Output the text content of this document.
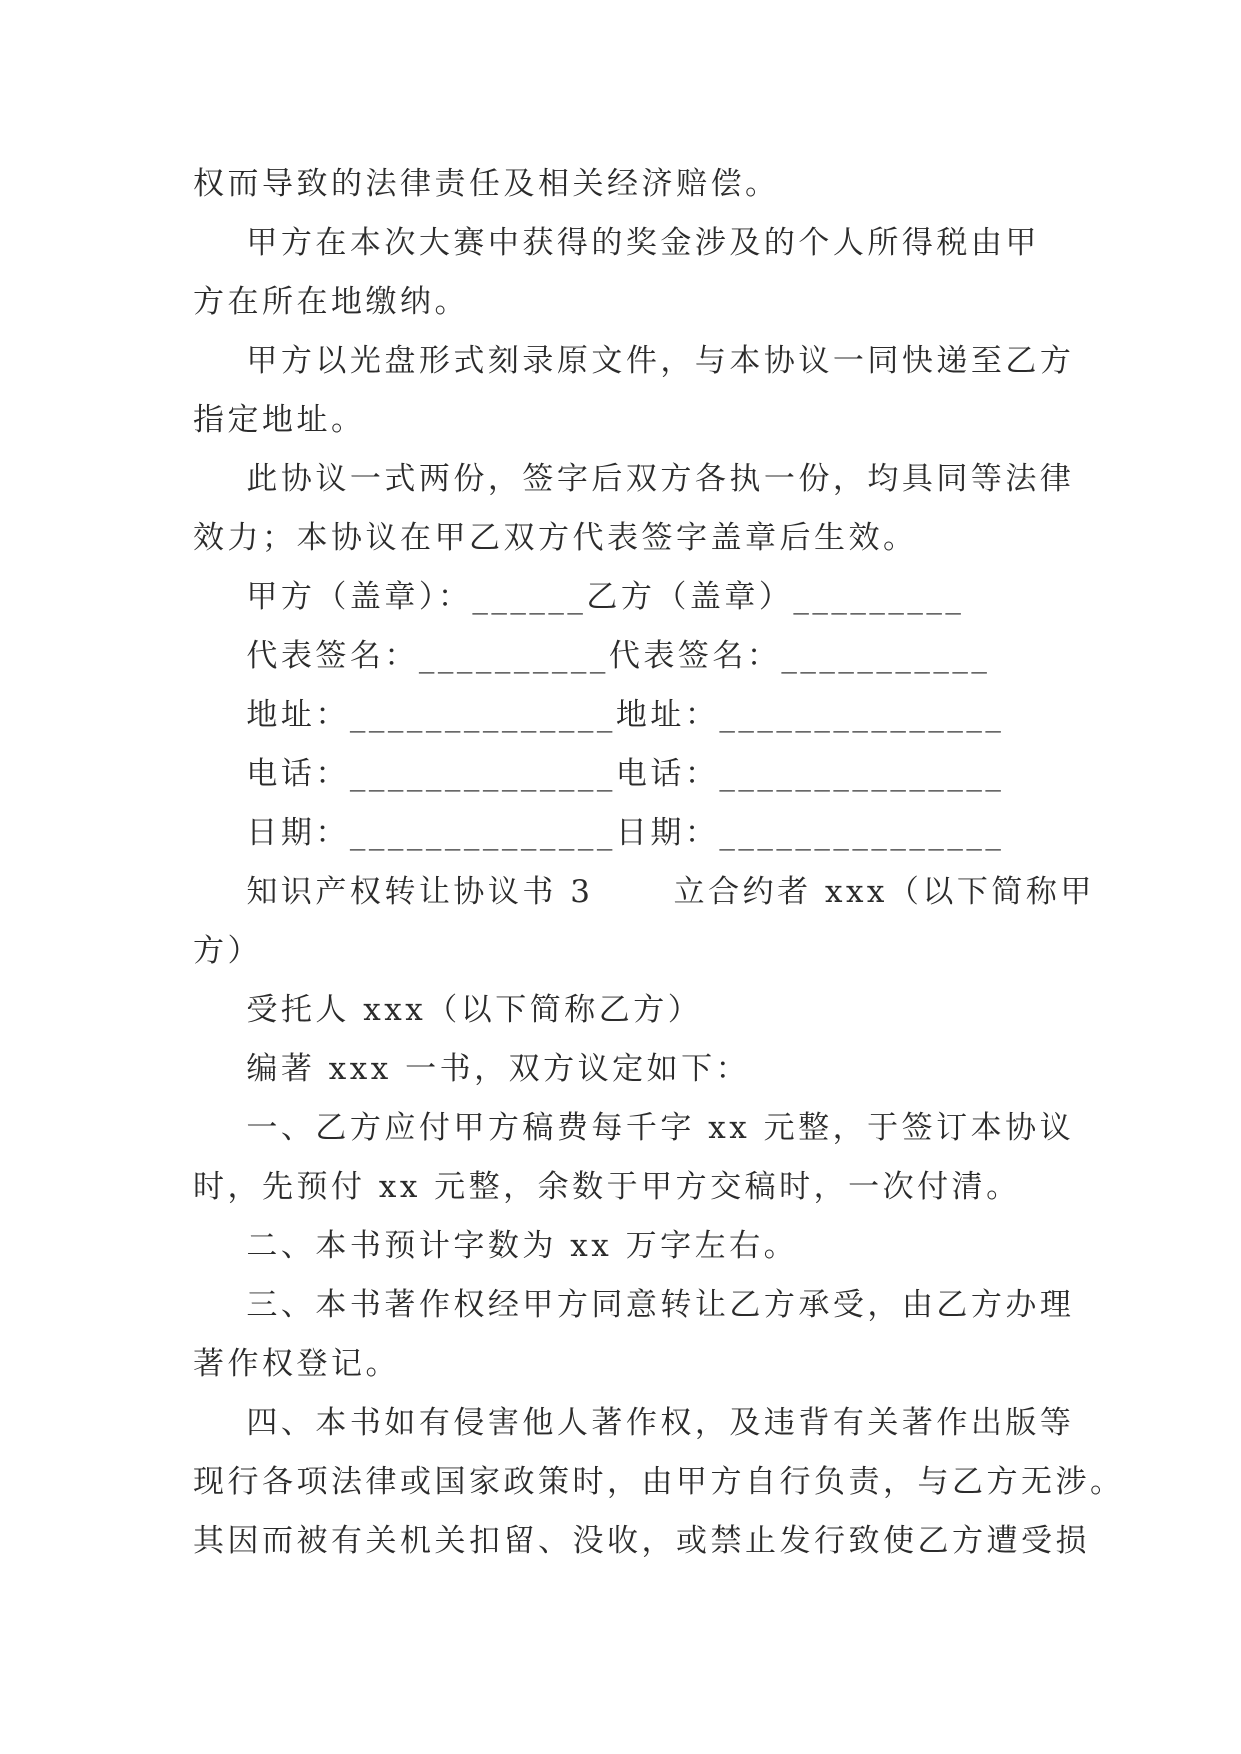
权而导致的法律责任及相关经济赔偿。
甲方在本次大赛中获得的奖金涉及的个人所得税由甲
方在所在地缴纳。
甲方以光盘形式刻录原文件，与本协议一同快递至乙方
指定地址。
此协议一式两份，签字后双方各执一份，均具同等法律
效力；本协议在甲乙双方代表签字盖章后生效。
甲方（盖章）：______乙方（盖章）_________
代表签名：__________代表签名：___________
地址：______________地址：_______________
电话：______________电话：_______________
日期：______________日期：_______________
知识产权转让协议书 3      立合约者 xxx（以下简称甲
方）
受托人 xxx（以下简称乙方）
编著 xxx 一书，双方议定如下：
一、乙方应付甲方稿费每千字 xx 元整，于签订本协议
时，先预付 xx 元整，余数于甲方交稿时，一次付清。
二、本书预计字数为 xx 万字左右。
三、本书著作权经甲方同意转让乙方承受，由乙方办理
著作权登记。
四、本书如有侵害他人著作权，及违背有关著作出版等
现行各项法律或国家政策时，由甲方自行负责，与乙方无涉。
其因而被有关机关扣留、没收，或禁止发行致使乙方遭受损
